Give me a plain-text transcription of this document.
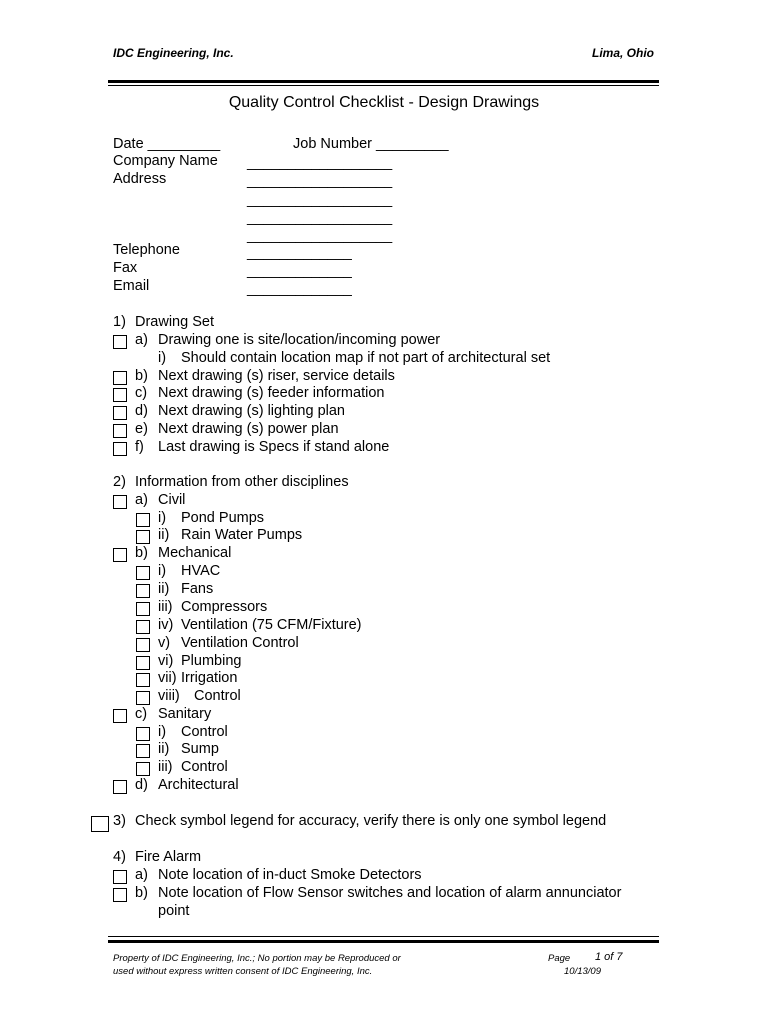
IDC Engineering, Inc.	Lima, Ohio
Quality Control Checklist - Design Drawings
Date _________	Job Number _________
Company Name __________________
Address	__________________
__________________
__________________
__________________
Telephone	_____________
Fax	_____________
Email	_____________
1) Drawing Set
a) Drawing one is site/location/incoming power
i) Should contain location map if not part of architectural set
b) Next drawing (s) riser, service details
c) Next drawing (s) feeder information
d) Next drawing (s) lighting plan
e) Next drawing (s) power plan
f) Last drawing is Specs if stand alone
2) Information from other disciplines
a) Civil
i) Pond Pumps
ii) Rain Water Pumps
b) Mechanical
i) HVAC
ii) Fans
iii) Compressors
iv) Ventilation (75 CFM/Fixture)
v) Ventilation Control
vi) Plumbing
vii) Irrigation
viii) Control
c) Sanitary
i) Control
ii) Sump
iii) Control
d) Architectural
3) Check symbol legend for accuracy, verify there is only one symbol legend
4) Fire Alarm
a) Note location of in-duct Smoke Detectors
b) Note location of Flow Sensor switches and location of alarm annunciator
point
Property of IDC Engineering, Inc.; No portion may be Reproduced or
used without express written consent of IDC Engineering, Inc.
Page 1 of 7
10/13/09
